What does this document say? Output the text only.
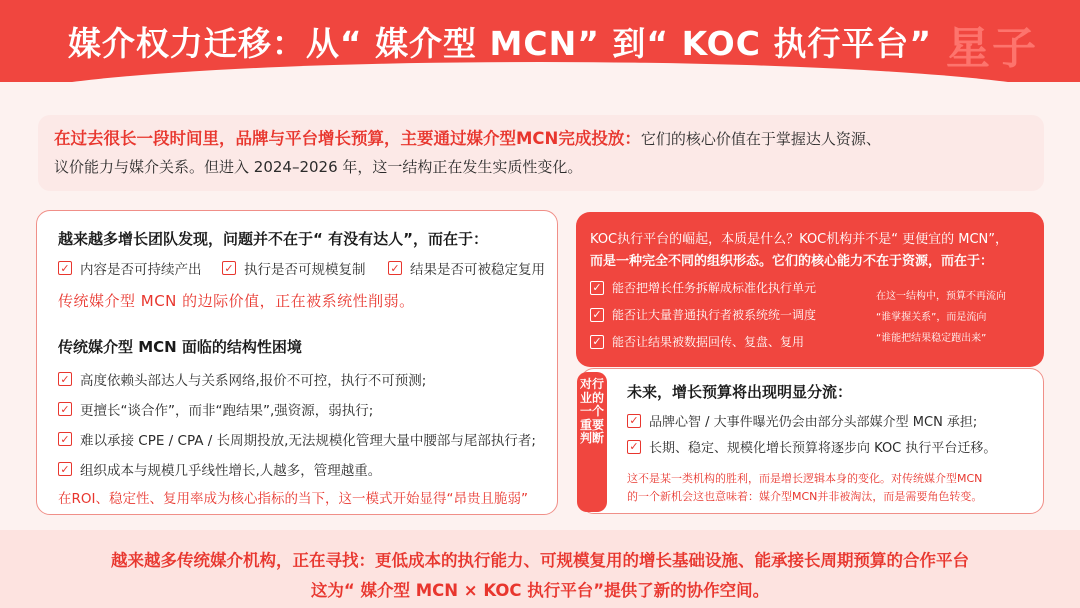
媒介权力迁移：从“ 媒介型 MCN” 到“ KOC 执行平台” 星子
在过去很长一段时间里，品牌与平台增长预算，主要通过媒介型MCN完成投放：它们的核心价值在于掌握达人资源、
议价能力与媒介关系。但进入 2024–2026 年，这一结构正在发生实质性变化。
越来越多增长团队发现，问题并不在于“ 有没有达人”，而在于：
✓ 内容是否可持续产出 ✓ 执行是否可规模复制 ✓ 结果是否可被稳定复用
传统媒介型 MCN 的边际价值，正在被系统性削弱。
传统媒介型 MCN 面临的结构性困境
✓ 高度依赖头部达人与关系网络,报价不可控，执行不可预测;
✓ 更擅长“谈合作”，而非“跑结果”,强资源，弱执行;
✓ 难以承接 CPE / CPA / 长周期投放,无法规模化管理大量中腰部与尾部执行者;
✓ 组织成本与规模几乎线性增长,人越多，管理越重。
在ROI、稳定性、复用率成为核心指标的当下，这一模式开始显得“昂贵且脆弱”
KOC执行平台的崛起，本质是什么？KOC机构并不是“ 更便宜的 MCN”，
而是一种完全不同的组织形态。它们的核心能力不在于资源，而在于：
✓ 能否把增长任务拆解成标准化执行单元
✓ 能否让大量普通执行者被系统统一调度
✓ 能否让结果被数据回传、复盘、复用
在这一结构中，预算不再流向
“谁掌握关系”，而是流向
“谁能把结果稳定跑出来”
对行业的一个重要判断
未来，增长预算将出现明显分流：
✓ 品牌心智 / 大事件曝光仍会由部分头部媒介型 MCN 承担;
✓ 长期、稳定、规模化增长预算将逐步向 KOC 执行平台迁移。
这不是某一类机构的胜利，而是增长逻辑本身的变化。对传统媒介型MCN
的一个新机会这也意味着：媒介型MCN并非被淘汰，而是需要角色转变。
越来越多传统媒介机构，正在寻找：更低成本的执行能力、可规模复用的增长基础设施、能承接长周期预算的合作平台
这为“ 媒介型 MCN × KOC 执行平台”提供了新的协作空间。
